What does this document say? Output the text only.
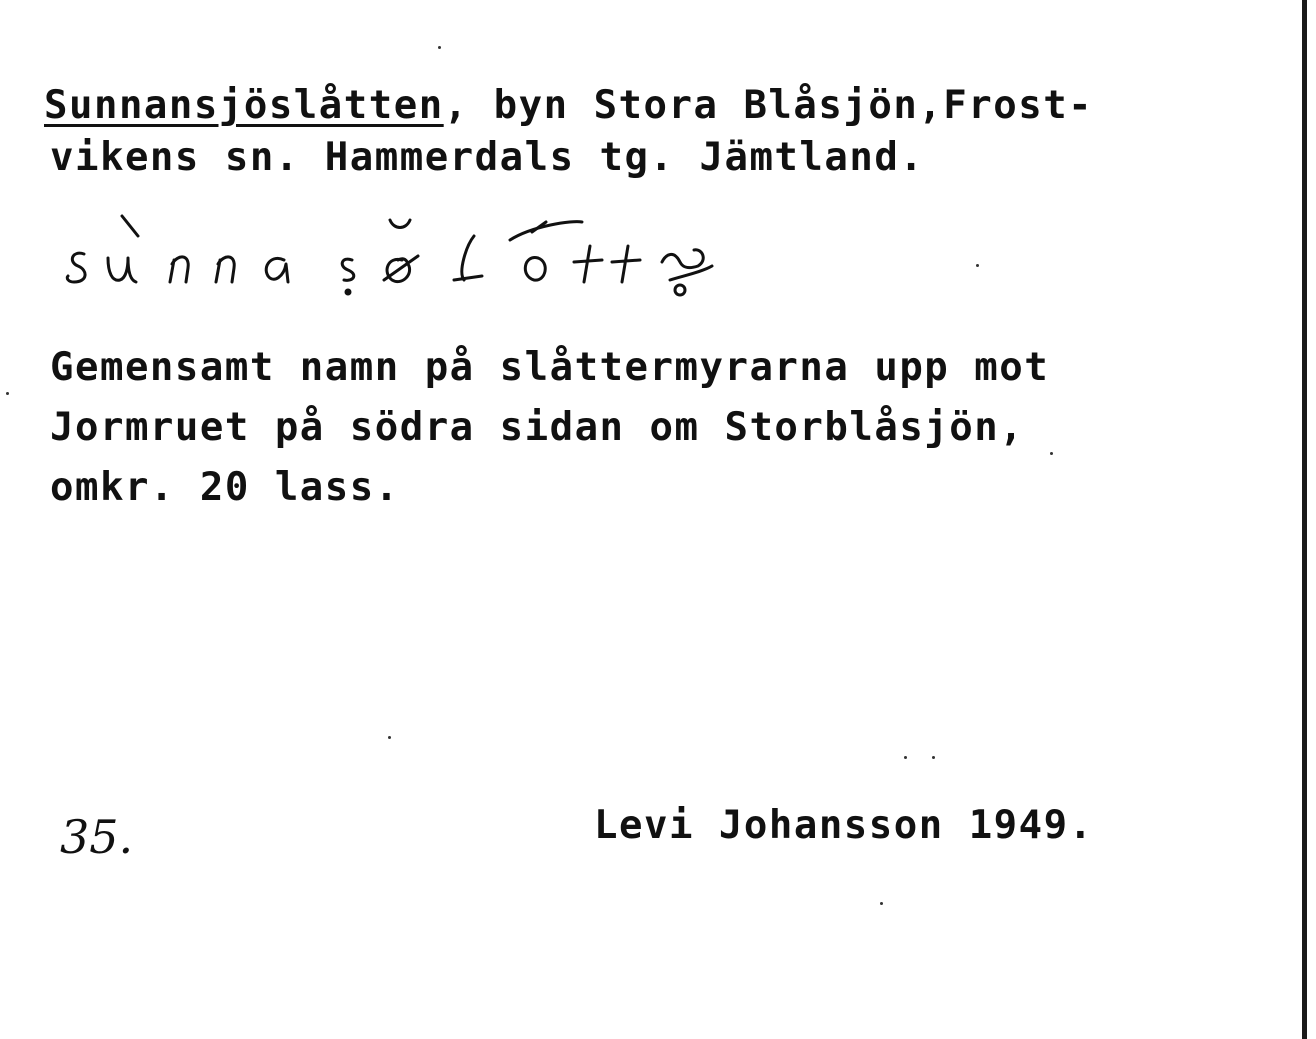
Sunnansjöslåtten, byn Stora Blåsjön,Frost-
vikens sn. Hammerdals tg. Jämtland.
Gemensamt namn på slåttermyrarna upp mot
Jormruet på södra sidan om Storblåsjön,
omkr. 20 lass.
35.	Levi Johansson 1949.
